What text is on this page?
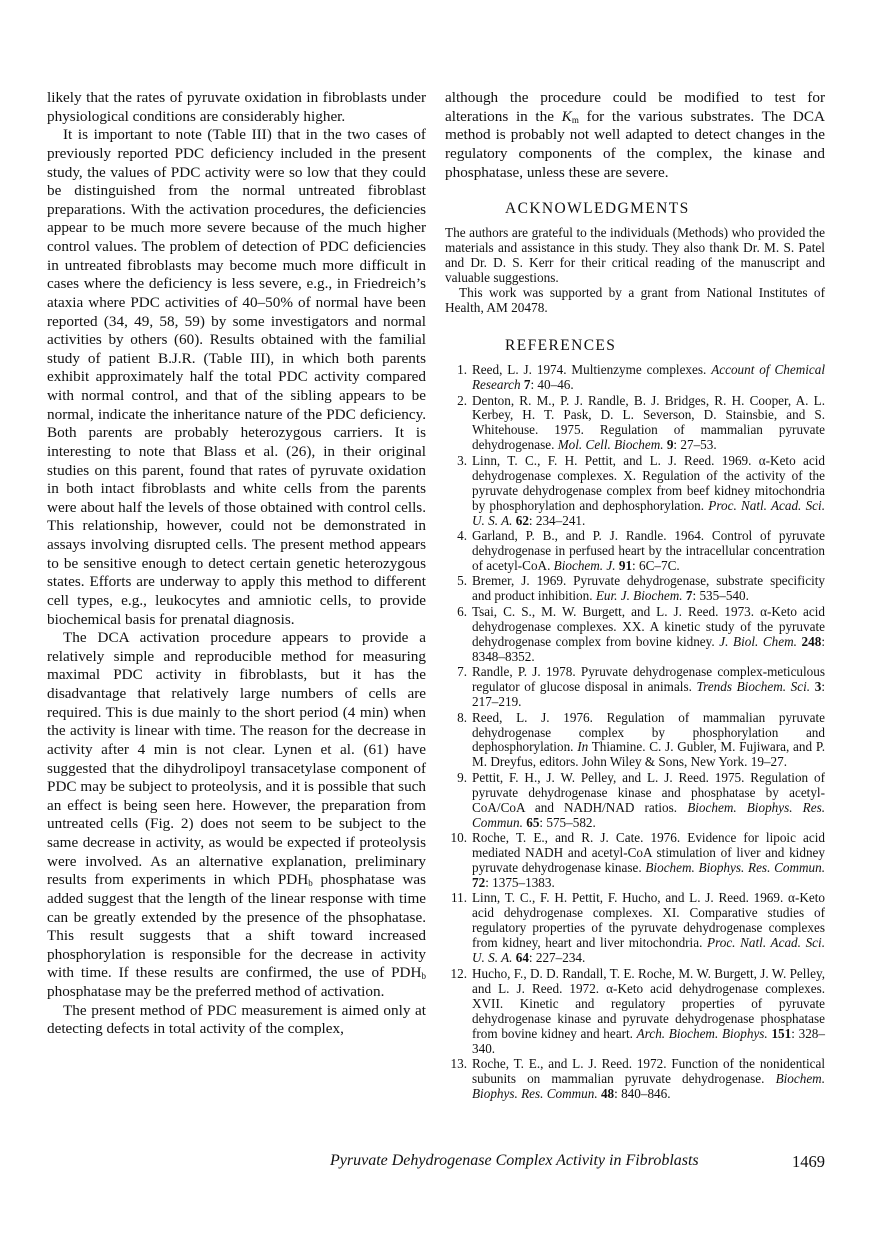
likely that the rates of pyruvate oxidation in fibroblasts under physiological conditions are considerably higher.

It is important to note (Table III) that in the two cases of previously reported PDC deficiency included in the present study, the values of PDC activity were so low that they could be distinguished from the normal untreated fibroblast preparations. With the activation procedures, the deficiencies appear to be much more severe because of the much higher control values. The problem of detection of PDC deficiencies in untreated fibroblasts may become much more difficult in cases where the deficiency is less severe, e.g., in Friedreich’s ataxia where PDC activities of 40–50% of normal have been reported (34, 49, 58, 59) by some investigators and normal activities by others (60). Results obtained with the familial study of patient B.J.R. (Table III), in which both parents exhibit approximately half the total PDC activity compared with normal control, and that of the sibling appears to be normal, indicate the inheritance nature of the PDC deficiency. Both parents are probably heterozygous carriers. It is interesting to note that Blass et al. (26), in their original studies on this parent, found that rates of pyruvate oxidation in both intact fibroblasts and white cells from the parents were about half the levels of those obtained with control cells. This relationship, however, could not be demonstrated in assays involving disrupted cells. The present method appears to be sensitive enough to detect certain genetic heterozygous states. Efforts are underway to apply this method to different cell types, e.g., leukocytes and amniotic cells, to provide biochemical basis for prenatal diagnosis.

The DCA activation procedure appears to provide a relatively simple and reproducible method for measuring maximal PDC activity in fibroblasts, but it has the disadvantage that relatively large numbers of cells are required. This is due mainly to the short period (4 min) when the activity is linear with time. The reason for the decrease in activity after 4 min is not clear. Lynen et al. (61) have suggested that the dihydrolipoyl transacetylase component of PDC may be subject to proteolysis, and it is possible that such an effect is being seen here. However, the preparation from untreated cells (Fig. 2) does not seem to be subject to the same decrease in activity, as would be expected if proteolysis were involved. As an alternative explanation, preliminary results from experiments in which $PDH_b$ phosphatase was added suggest that the length of the linear response with time can be greatly extended by the presence of the phsophatase. This result suggests that a shift toward increased phosphorylation is responsible for the decrease in activity with time. If these results are confirmed, the use of $PDH_b$ phosphatase may be the preferred method of activation.

The present method of PDC measurement is aimed only at detecting defects in total activity of the complex,

although the procedure could be modified to test for alterations in the $K_m$ for the various substrates. The DCA method is probably not well adapted to detect changes in the regulatory components of the complex, the kinase and phosphatase, unless these are severe.

ACKNOWLEDGMENTS

The authors are grateful to the individuals (Methods) who provided the materials and assistance in this study. They also thank Dr. M. S. Patel and Dr. D. S. Kerr for their critical reading of the manuscript and valuable suggestions.

This work was supported by a grant from National Institutes of Health, AM 20478.

REFERENCES
1. Reed, L. J. 1974. Multienzyme complexes. Account of Chemical Research 7: 40–46.
2. Denton, R. M., P. J. Randle, B. J. Bridges, R. H. Cooper, A. L. Kerbey, H. T. Pask, D. L. Severson, D. Stainsbie, and S. Whitehouse. 1975. Regulation of mammalian pyruvate dehydrogenase. Mol. Cell. Biochem. 9: 27–53.
3. Linn, T. C., F. H. Pettit, and L. J. Reed. 1969. α-Keto acid dehydrogenase complexes. X. Regulation of the activity of the pyruvate dehydrogenase complex from beef kidney mitochondria by phosphorylation and dephosphorylation. Proc. Natl. Acad. Sci. U. S. A. 62: 234–241.
4. Garland, P. B., and P. J. Randle. 1964. Control of pyruvate dehydrogenase in perfused heart by the intracellular concentration of acetyl-CoA. Biochem. J. 91: 6C–7C.
5. Bremer, J. 1969. Pyruvate dehydrogenase, substrate specificity and product inhibition. Eur. J. Biochem. 7: 535–540.
6. Tsai, C. S., M. W. Burgett, and L. J. Reed. 1973. α-Keto acid dehydrogenase complexes. XX. A kinetic study of the pyruvate dehydrogenase complex from bovine kidney. J. Biol. Chem. 248: 8348–8352.
7. Randle, P. J. 1978. Pyruvate dehydrogenase complex-meticulous regulator of glucose disposal in animals. Trends Biochem. Sci. 3: 217–219.
8. Reed, L. J. 1976. Regulation of mammalian pyruvate dehydrogenase complex by phosphorylation and dephosphorylation. In Thiamine. C. J. Gubler, M. Fujiwara, and P. M. Dreyfus, editors. John Wiley & Sons, New York. 19–27.
9. Pettit, F. H., J. W. Pelley, and L. J. Reed. 1975. Regulation of pyruvate dehydrogenase kinase and phosphatase by acetyl-CoA/CoA and NADH/NAD ratios. Biochem. Biophys. Res. Commun. 65: 575–582.
10. Roche, T. E., and R. J. Cate. 1976. Evidence for lipoic acid mediated NADH and acetyl-CoA stimulation of liver and kidney pyruvate dehydrogenase kinase. Biochem. Biophys. Res. Commun. 72: 1375–1383.
11. Linn, T. C., F. H. Pettit, F. Hucho, and L. J. Reed. 1969. α-Keto acid dehydrogenase complexes. XI. Comparative studies of regulatory properties of the pyruvate dehydrogenase complexes from kidney, heart and liver mitochondria. Proc. Natl. Acad. Sci. U. S. A. 64: 227–234.
12. Hucho, F., D. D. Randall, T. E. Roche, M. W. Burgett, J. W. Pelley, and L. J. Reed. 1972. α-Keto acid dehydrogenase complexes. XVII. Kinetic and regulatory properties of pyruvate dehydrogenase kinase and pyruvate dehydrogenase phosphatase from bovine kidney and heart. Arch. Biochem. Biophys. 151: 328–340.
13. Roche, T. E., and L. J. Reed. 1972. Function of the nonidentical subunits on mammalian pyruvate dehydrogenase. Biochem. Biophys. Res. Commun. 48: 840–846.
Pyruvate Dehydrogenase Complex Activity in Fibroblasts	1469
